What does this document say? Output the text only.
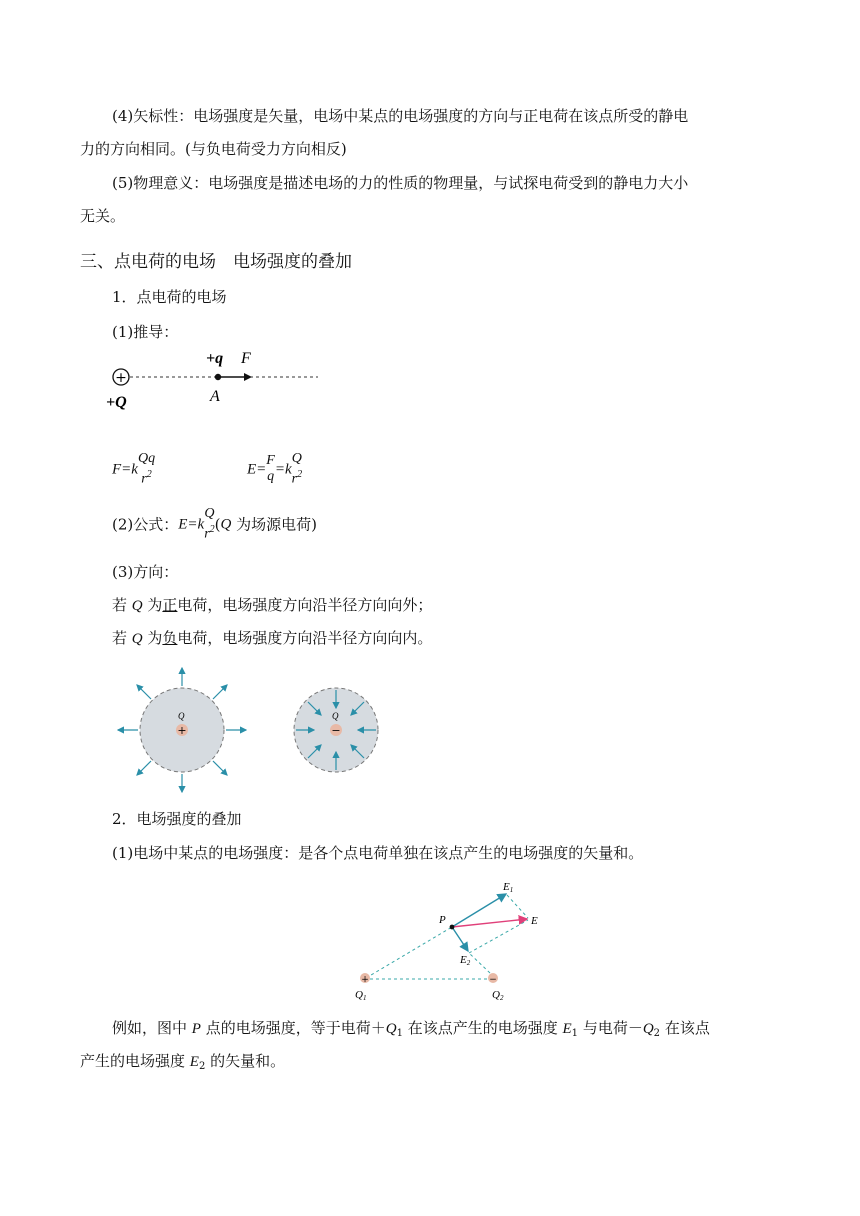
(4)矢标性：电场强度是矢量，电场中某点的电场强度的方向与正电荷在该点所受的静电
力的方向相同。(与负电荷受力方向相反)
(5)物理意义：电场强度是描述电场的力的性质的物理量，与试探电荷受到的静电力大小
无关。
三、点电荷的电场　电场强度的叠加
1．点电荷的电场
(1)推导：
+
+q F
A
+Q
F=k
Qq
$r^2$	E=
F
q =k
Q
$r^2$
(2)公式：E=k
Q
$r^2$ (Q 为场源电荷)
(3)方向：
若 Q 为正电荷，电场强度方向沿半径方向向外；
若 Q 为负电荷，电场强度方向沿半径方向向内。
+
Q
−
Q
2．电场强度的叠加
(1)电场中某点的电场强度：是各个点电荷单独在该点产生的电场强度的矢量和。
+	−
P
E1
E
E2
Q1	Q2
例如，图中 P 点的电场强度，等于电荷$+Q_1$ 在该点产生的电场强度 $E_1$ 与电荷$-Q_2$ 在该点
产生的电场强度 $E_2$ 的矢量和。
